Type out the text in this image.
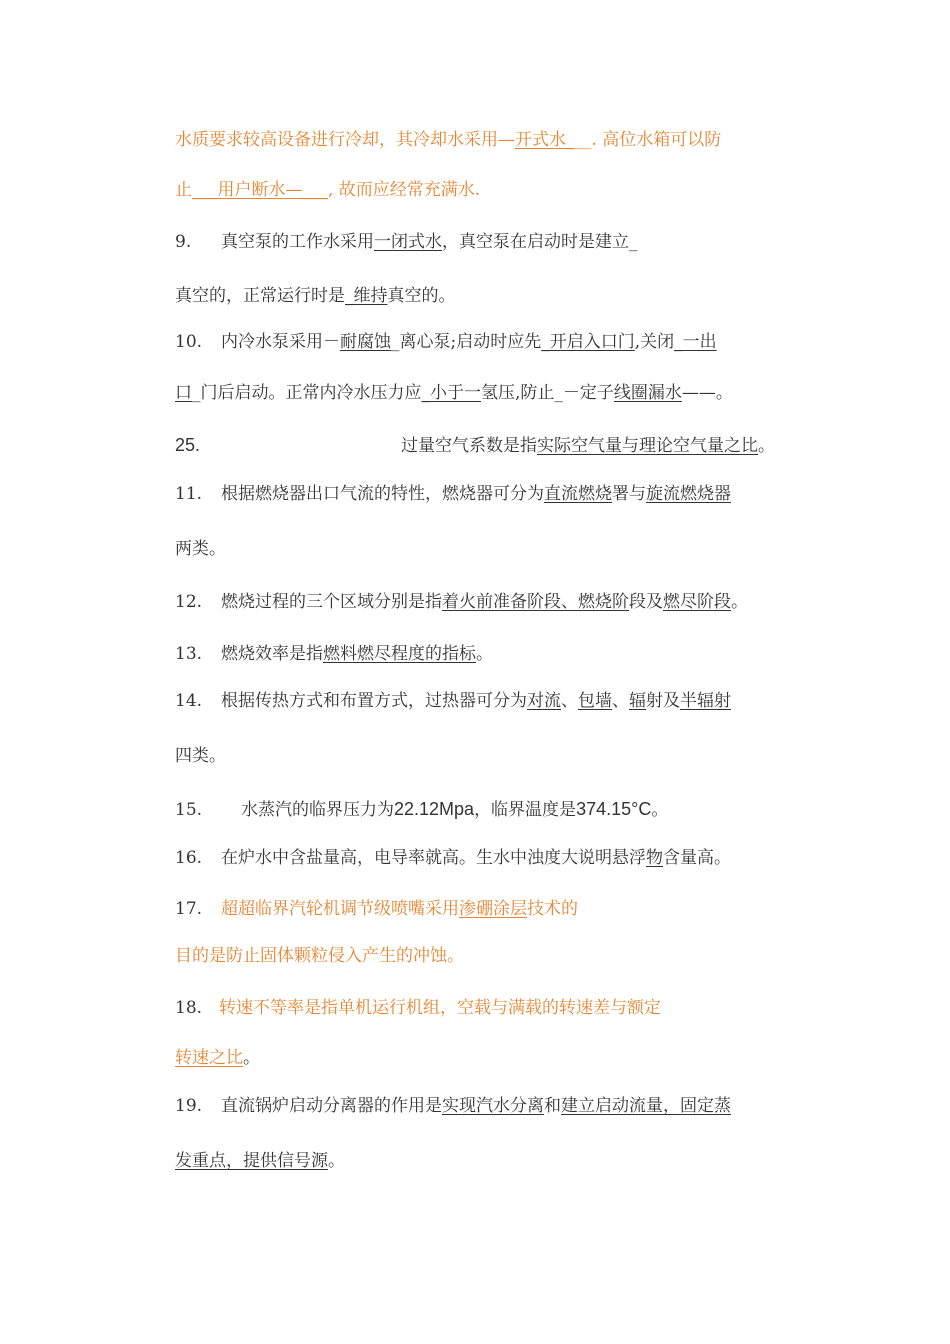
水质要求较高设备进行冷却，其冷却水采用—开式水___. 高位水箱可以防
止___用户断水—___, 故而应经常充满水.
9. 真空泵的工作水采用一闭式水，真空泵在启动时是建立_
真空的，正常运行时是_维持真空的。
10. 内冷水泵采用－耐腐蚀_离心泵;启动时应先_开启入口门,关闭_一出
口_门后启动。正常内冷水压力应_小于一氢压,防止_－定子线圈漏水——。
25.	过量空气系数是指实际空气量与理论空气量之比。
11. 根据燃烧器出口气流的特性，燃烧器可分为直流燃烧署与旋流燃烧器
两类。
12. 燃烧过程的三个区域分别是指着火前准备阶段、燃烧阶段及燃尽阶段。
13. 燃烧效率是指燃料燃尽程度的指标。
14. 根据传热方式和布置方式，过热器可分为对流、包墙、辐射及半辐射
四类。
15. 水蒸汽的临界压力为22.12Mpa，临界温度是374.15°C。
16. 在炉水中含盐量高，电导率就高。生水中浊度大说明悬浮物含量高。
17. 超超临界汽轮机调节级喷嘴采用渗硼涂层技术的
目的是防止固体颗粒侵入产生的冲蚀。
18. 转速不等率是指单机运行机组，空载与满载的转速差与额定
转速之比。
19. 直流锅炉启动分离器的作用是实现汽水分离和建立启动流量，固定蒸
发重点，提供信号源。
